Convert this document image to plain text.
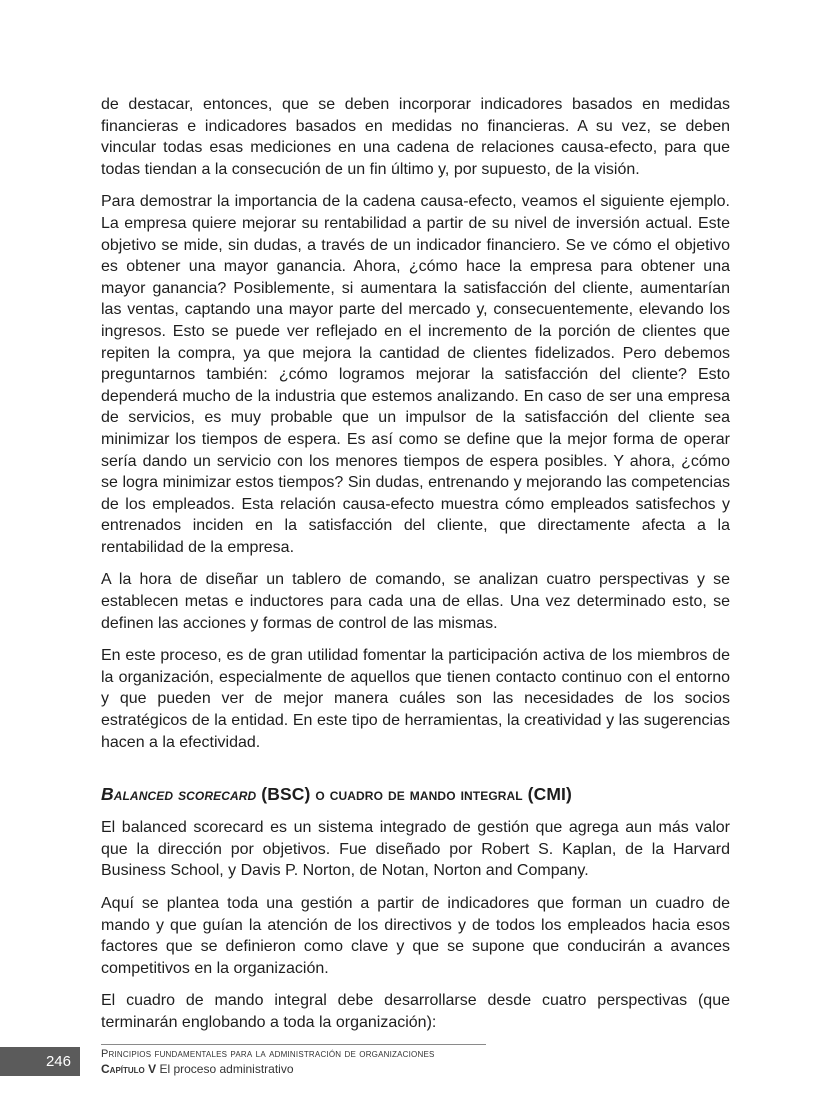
de destacar, entonces, que se deben incorporar indicadores basados en medidas financieras e indicadores basados en medidas no financieras. A su vez, se deben vincular todas esas mediciones en una cadena de relaciones causa-efecto, para que todas tiendan a la consecución de un fin último y, por supuesto, de la visión.

Para demostrar la importancia de la cadena causa-efecto, veamos el siguiente ejemplo. La empresa quiere mejorar su rentabilidad a partir de su nivel de inversión actual. Este objetivo se mide, sin dudas, a través de un indicador financiero. Se ve cómo el objetivo es obtener una mayor ganancia. Ahora, ¿cómo hace la empresa para obtener una mayor ganancia? Posiblemente, si aumentara la satisfacción del cliente, aumentarían las ventas, captando una mayor parte del mercado y, consecuentemente, elevando los ingresos. Esto se puede ver reflejado en el incremento de la porción de clientes que repiten la compra, ya que mejora la cantidad de clientes fidelizados. Pero debemos preguntarnos también: ¿cómo logramos mejorar la satisfacción del cliente? Esto dependerá mucho de la industria que estemos analizando. En caso de ser una empresa de servicios, es muy probable que un impulsor de la satisfacción del cliente sea minimizar los tiempos de espera. Es así como se define que la mejor forma de operar sería dando un servicio con los menores tiempos de espera posibles. Y ahora, ¿cómo se logra minimizar estos tiempos? Sin dudas, entrenando y mejorando las competencias de los empleados. Esta relación causa-efecto muestra cómo empleados satisfechos y entrenados inciden en la satisfacción del cliente, que directamente afecta a la rentabilidad de la empresa.

A la hora de diseñar un tablero de comando, se analizan cuatro perspectivas y se establecen metas e inductores para cada una de ellas. Una vez determinado esto, se definen las acciones y formas de control de las mismas.

En este proceso, es de gran utilidad fomentar la participación activa de los miembros de la organización, especialmente de aquellos que tienen contacto continuo con el entorno y que pueden ver de mejor manera cuáles son las necesidades de los socios estratégicos de la entidad. En este tipo de herramientas, la creatividad y las sugerencias hacen a la efectividad.

Balanced scorecard (BSC) o cuadro de mando integral (CMI)

El balanced scorecard es un sistema integrado de gestión que agrega aun más valor que la dirección por objetivos. Fue diseñado por Robert S. Kaplan, de la Harvard Business School, y Davis P. Norton, de Notan, Norton and Company.

Aquí se plantea toda una gestión a partir de indicadores que forman un cuadro de mando y que guían la atención de los directivos y de todos los empleados hacia esos factores que se definieron como clave y que se supone que conducirán a avances competitivos en la organización.

El cuadro de mando integral debe desarrollarse desde cuatro perspectivas (que terminarán englobando a toda la organización):

246	Principios fundamentales para la administración de organizaciones
Capítulo V El proceso administrativo
